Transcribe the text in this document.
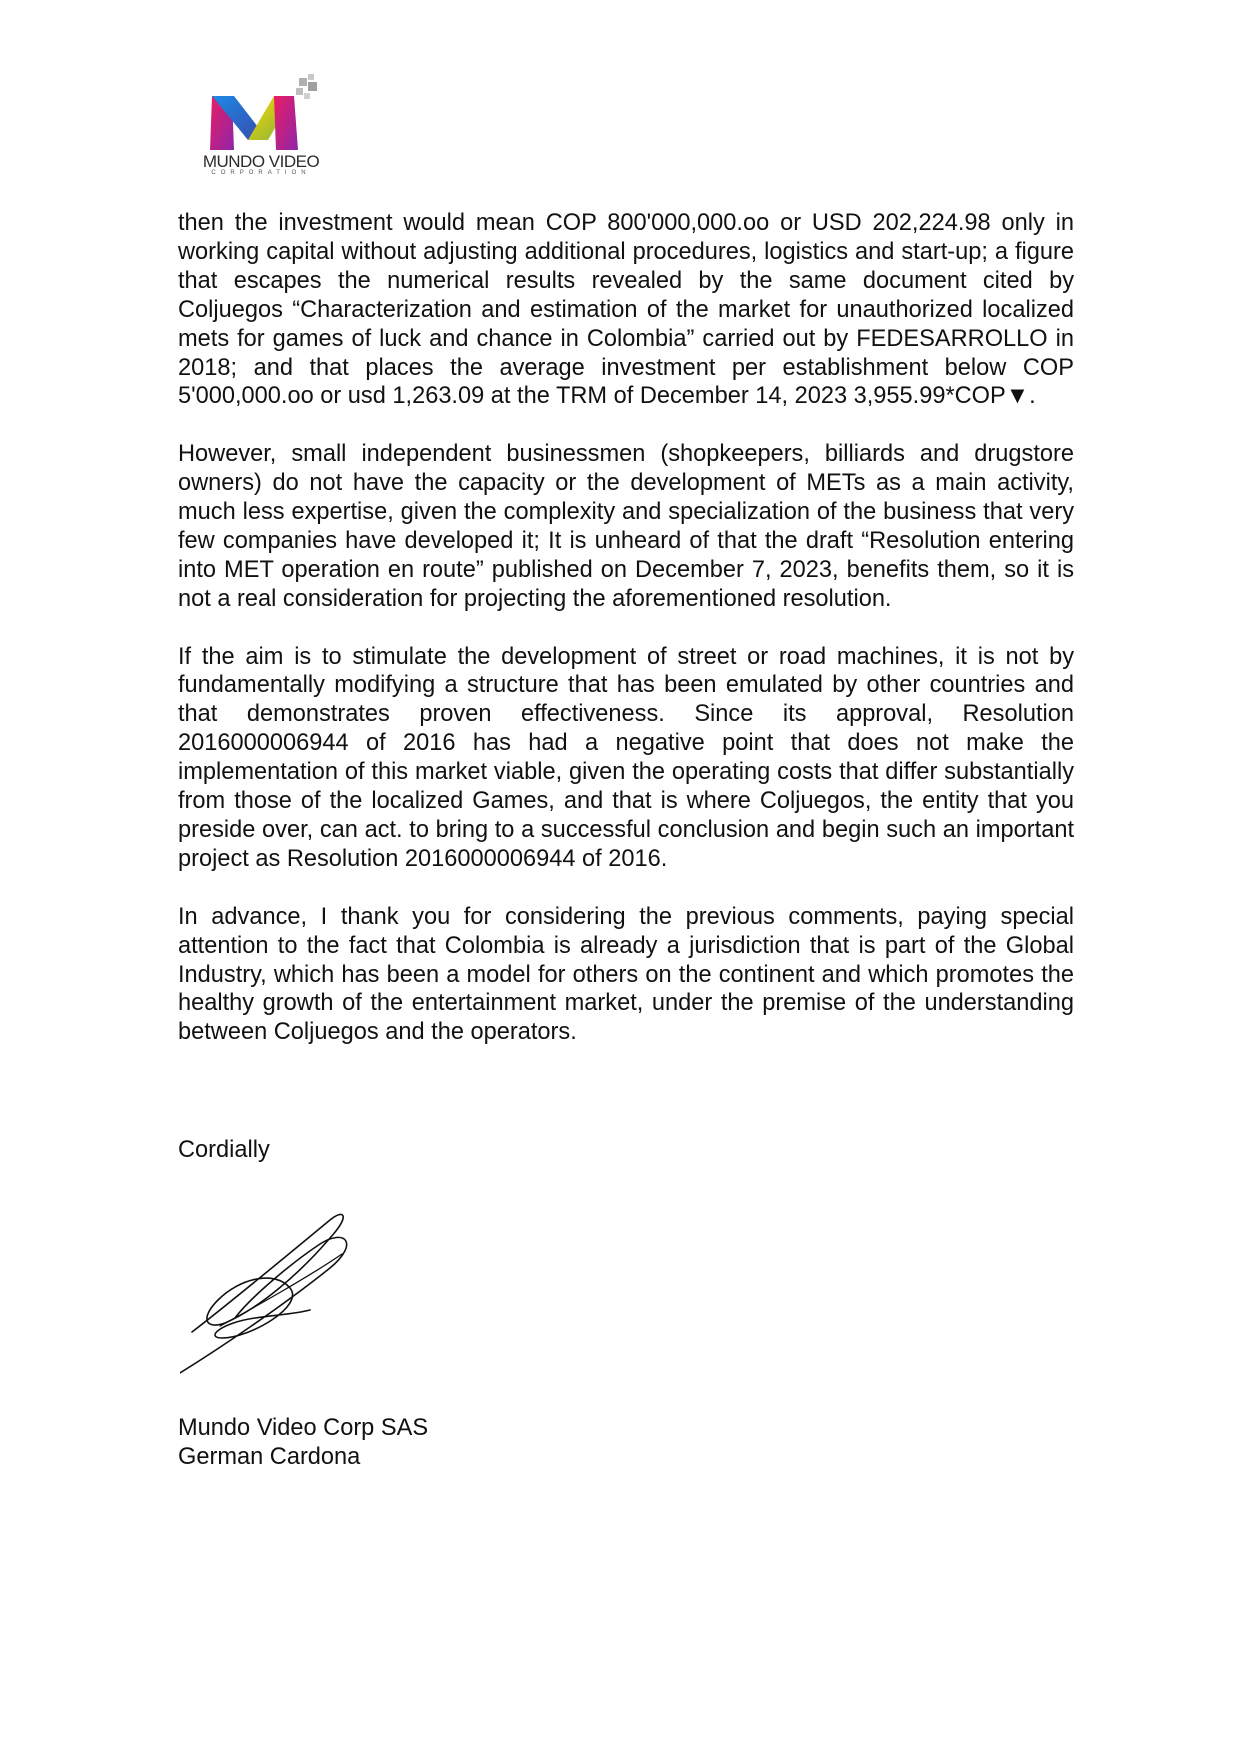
MUNDO VIDEO
CORPORATION

then the investment would mean COP 800'000,000.oo or USD 202,224.98 only in working capital without adjusting additional procedures, logistics and start-up; a figure that escapes the numerical results revealed by the same document cited by Coljuegos “Characterization and estimation of the market for unauthorized localized mets for games of luck and chance in Colombia” carried out by FEDESARROLLO in 2018; and that places the average investment per establishment below COP 5'000,000.oo or usd 1,263.09 at the TRM of December 14, 2023 3,955.99*COP▼.

However, small independent businessmen (shopkeepers, billiards and drugstore owners) do not have the capacity or the development of METs as a main activity, much less expertise, given the complexity and specialization of the business that very few companies have developed it; It is unheard of that the draft “Resolution entering into MET operation en route” published on December 7, 2023, benefits them, so it is not a real consideration for projecting the aforementioned resolution.

If the aim is to stimulate the development of street or road machines, it is not by fundamentally modifying a structure that has been emulated by other countries and that demonstrates proven effectiveness. Since its approval, Resolution 2016000006944 of 2016 has had a negative point that does not make the implementation of this market viable, given the operating costs that differ substantially from those of the localized Games, and that is where Coljuegos, the entity that you preside over, can act. to bring to a successful conclusion and begin such an important project as Resolution 2016000006944 of 2016.

In advance, I thank you for considering the previous comments, paying special attention to the fact that Colombia is already a jurisdiction that is part of the Global Industry, which has been a model for others on the continent and which promotes the healthy growth of the entertainment market, under the premise of the understanding between Coljuegos and the operators.

Cordially
Mundo Video Corp SAS
German Cardona
